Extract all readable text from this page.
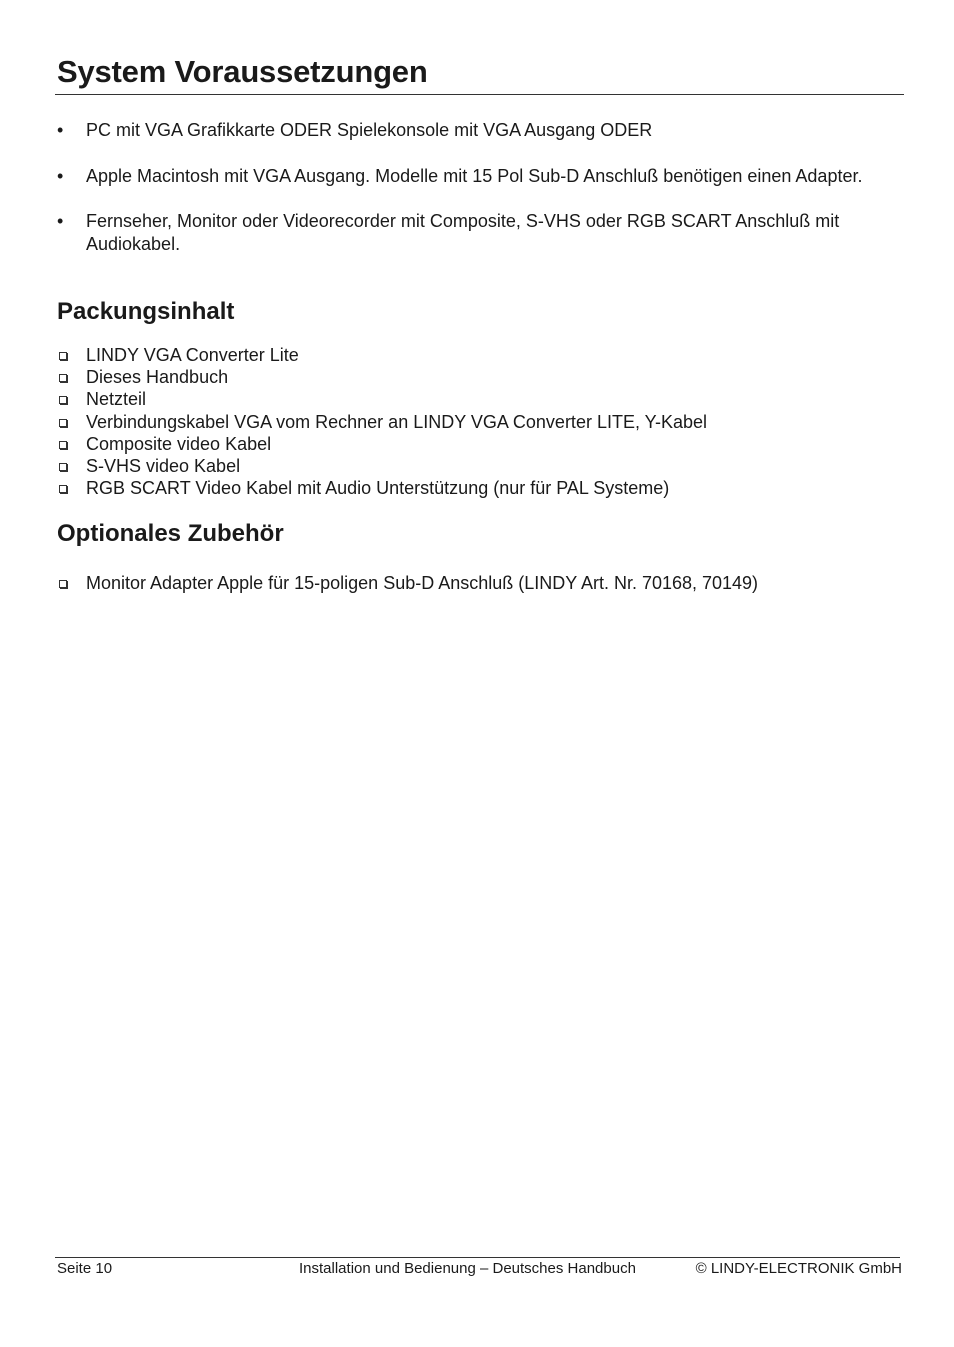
System Voraussetzungen
•	PC mit VGA Grafikkarte ODER Spielekonsole mit VGA Ausgang ODER
•	Apple Macintosh mit VGA Ausgang. Modelle mit 15 Pol Sub-D Anschluß benötigen einen Adapter.
•	Fernseher, Monitor oder Videorecorder mit Composite, S-VHS oder RGB SCART Anschluß mit Audiokabel.
Packungsinhalt
LINDY VGA Converter Lite
Dieses Handbuch
Netzteil
Verbindungskabel VGA vom Rechner an LINDY VGA Converter LITE, Y-Kabel
Composite video Kabel
S-VHS video Kabel
RGB SCART Video Kabel mit Audio Unterstützung (nur für PAL Systeme)
Optionales Zubehör
Monitor Adapter Apple für 15-poligen Sub-D Anschluß (LINDY Art. Nr. 70168, 70149)
Seite 10	Installation und Bedienung – Deutsches Handbuch	© LINDY-ELECTRONIK GmbH
